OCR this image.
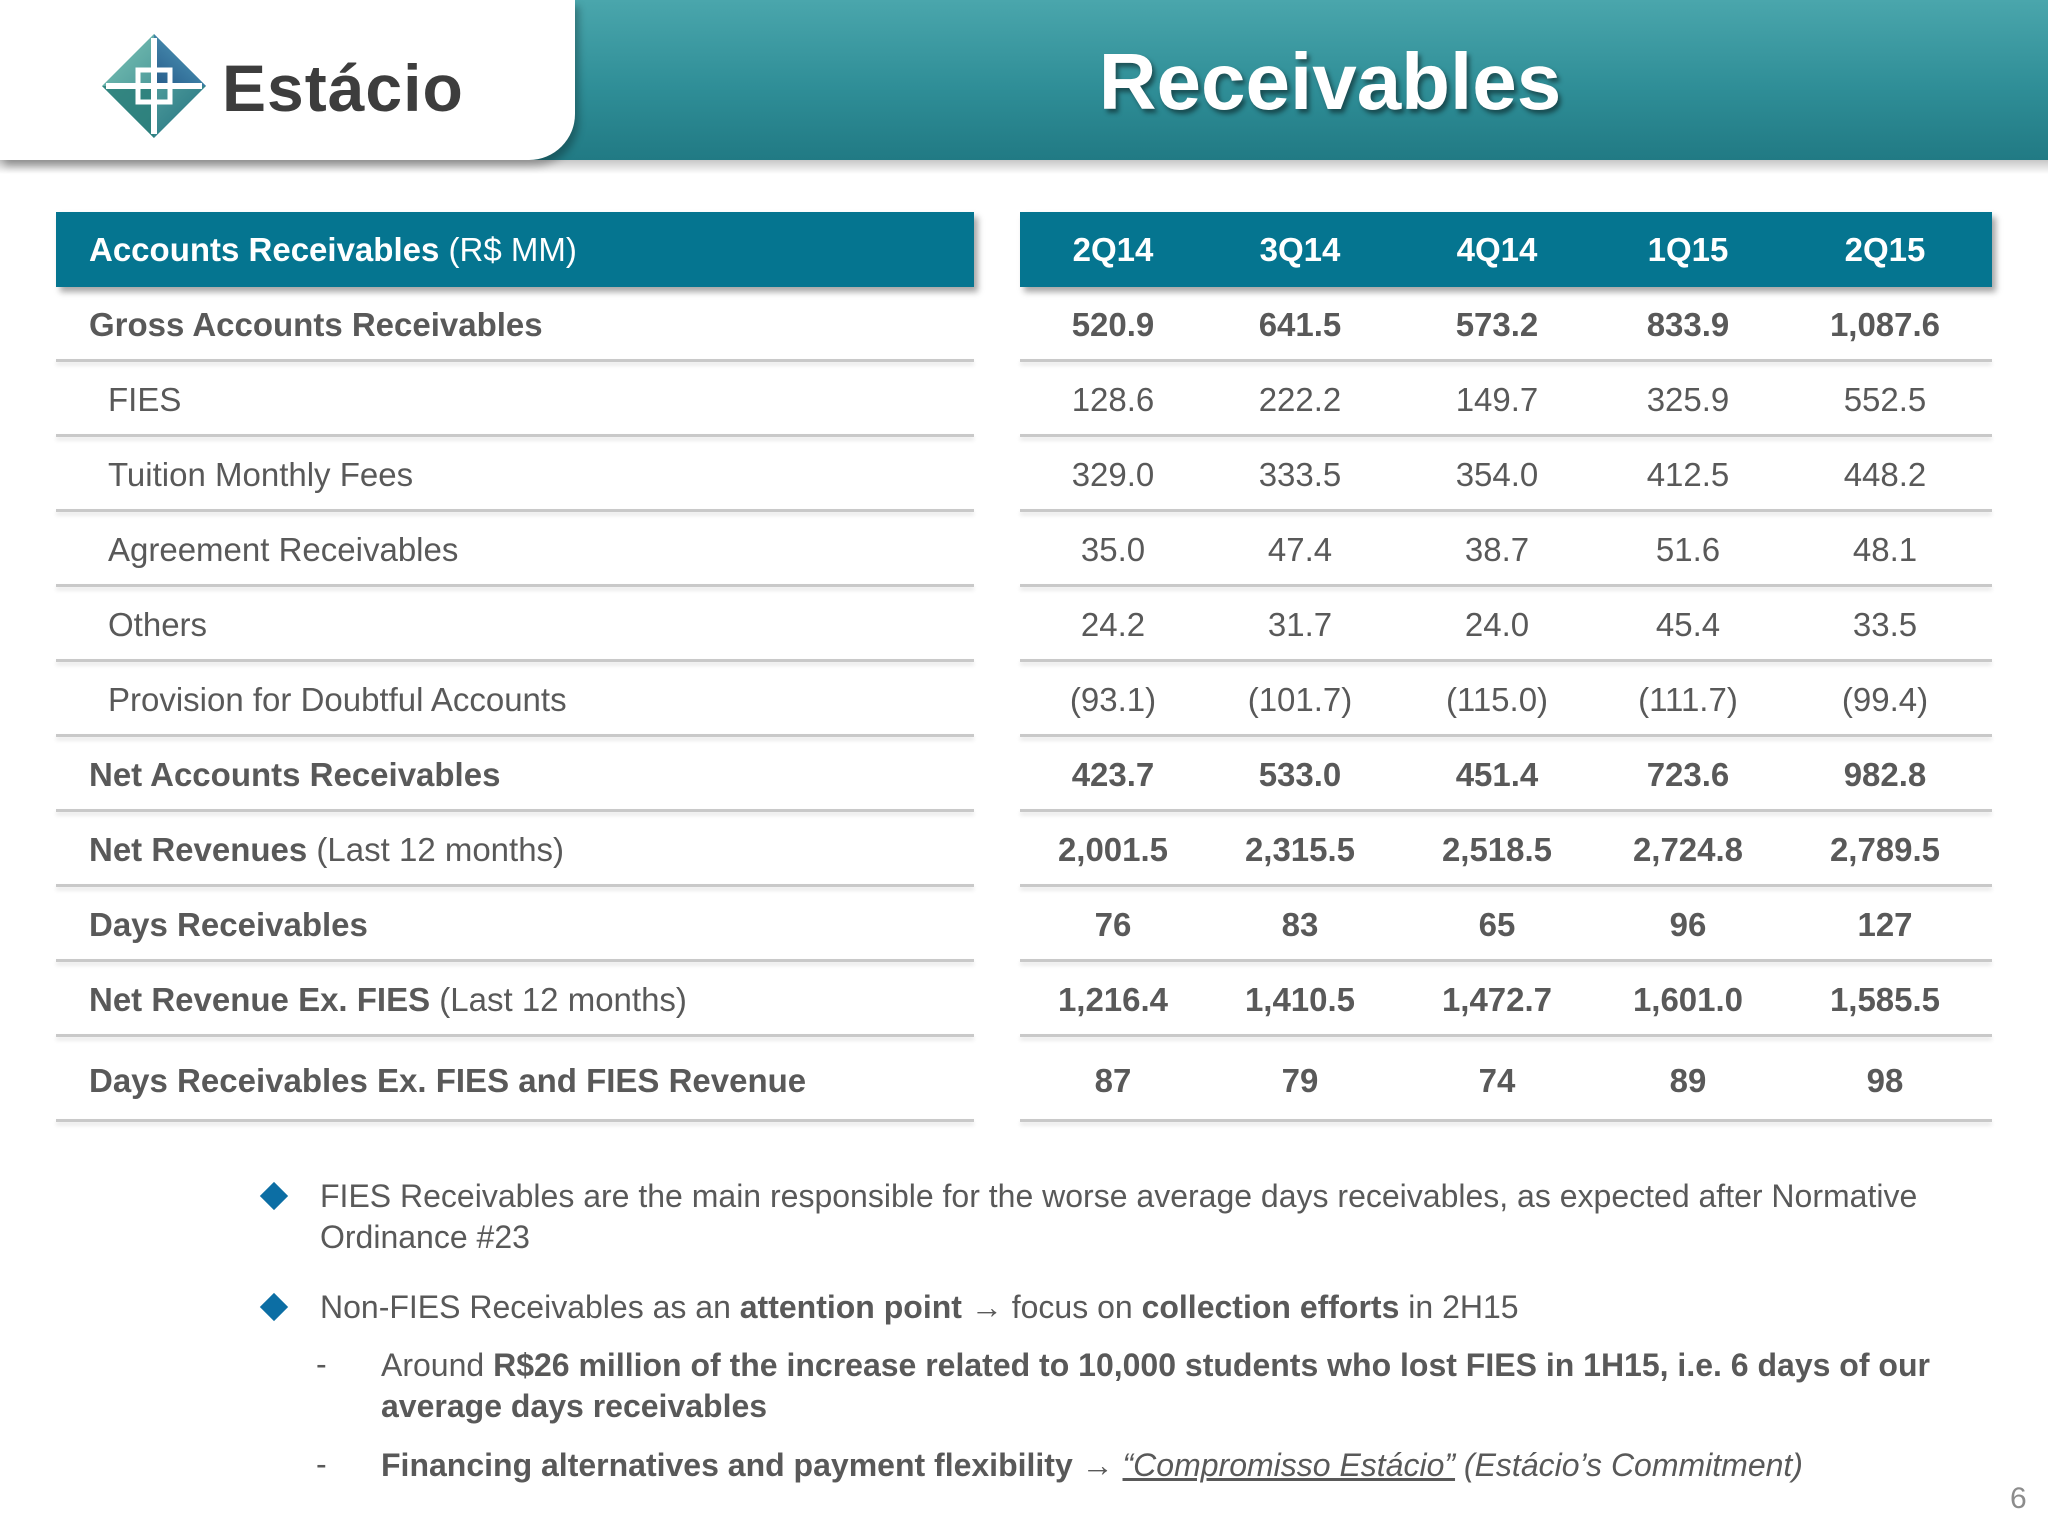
Estácio	Receivables
Accounts Receivables (R$ MM)	2Q14	3Q14	4Q14	1Q15	2Q15
Gross Accounts Receivables	520.9	641.5	573.2	833.9	1,087.6
FIES	128.6	222.2	149.7	325.9	552.5
Tuition Monthly Fees	329.0	333.5	354.0	412.5	448.2
Agreement Receivables	35.0	47.4	38.7	51.6	48.1
Others	24.2	31.7	24.0	45.4	33.5
Provision for Doubtful Accounts	(93.1)	(101.7)	(115.0)	(111.7)	(99.4)
Net Accounts Receivables	423.7	533.0	451.4	723.6	982.8
Net Revenues (Last 12 months)	2,001.5	2,315.5	2,518.5	2,724.8	2,789.5
Days Receivables	76	83	65	96	127
Net Revenue Ex. FIES (Last 12 months)	1,216.4	1,410.5	1,472.7	1,601.0	1,585.5
Days Receivables Ex. FIES and FIES Revenue	87	79	74	89	98
FIES Receivables are the main responsible for the worse average days receivables, as expected after Normative Ordinance #23
Non-FIES Receivables as an attention point → focus on collection efforts in 2H15
- Around R$26 million of the increase related to 10,000 students who lost FIES in 1H15, i.e. 6 days of our average days receivables
- Financing alternatives and payment flexibility → “Compromisso Estácio” (Estácio’s Commitment)
6
